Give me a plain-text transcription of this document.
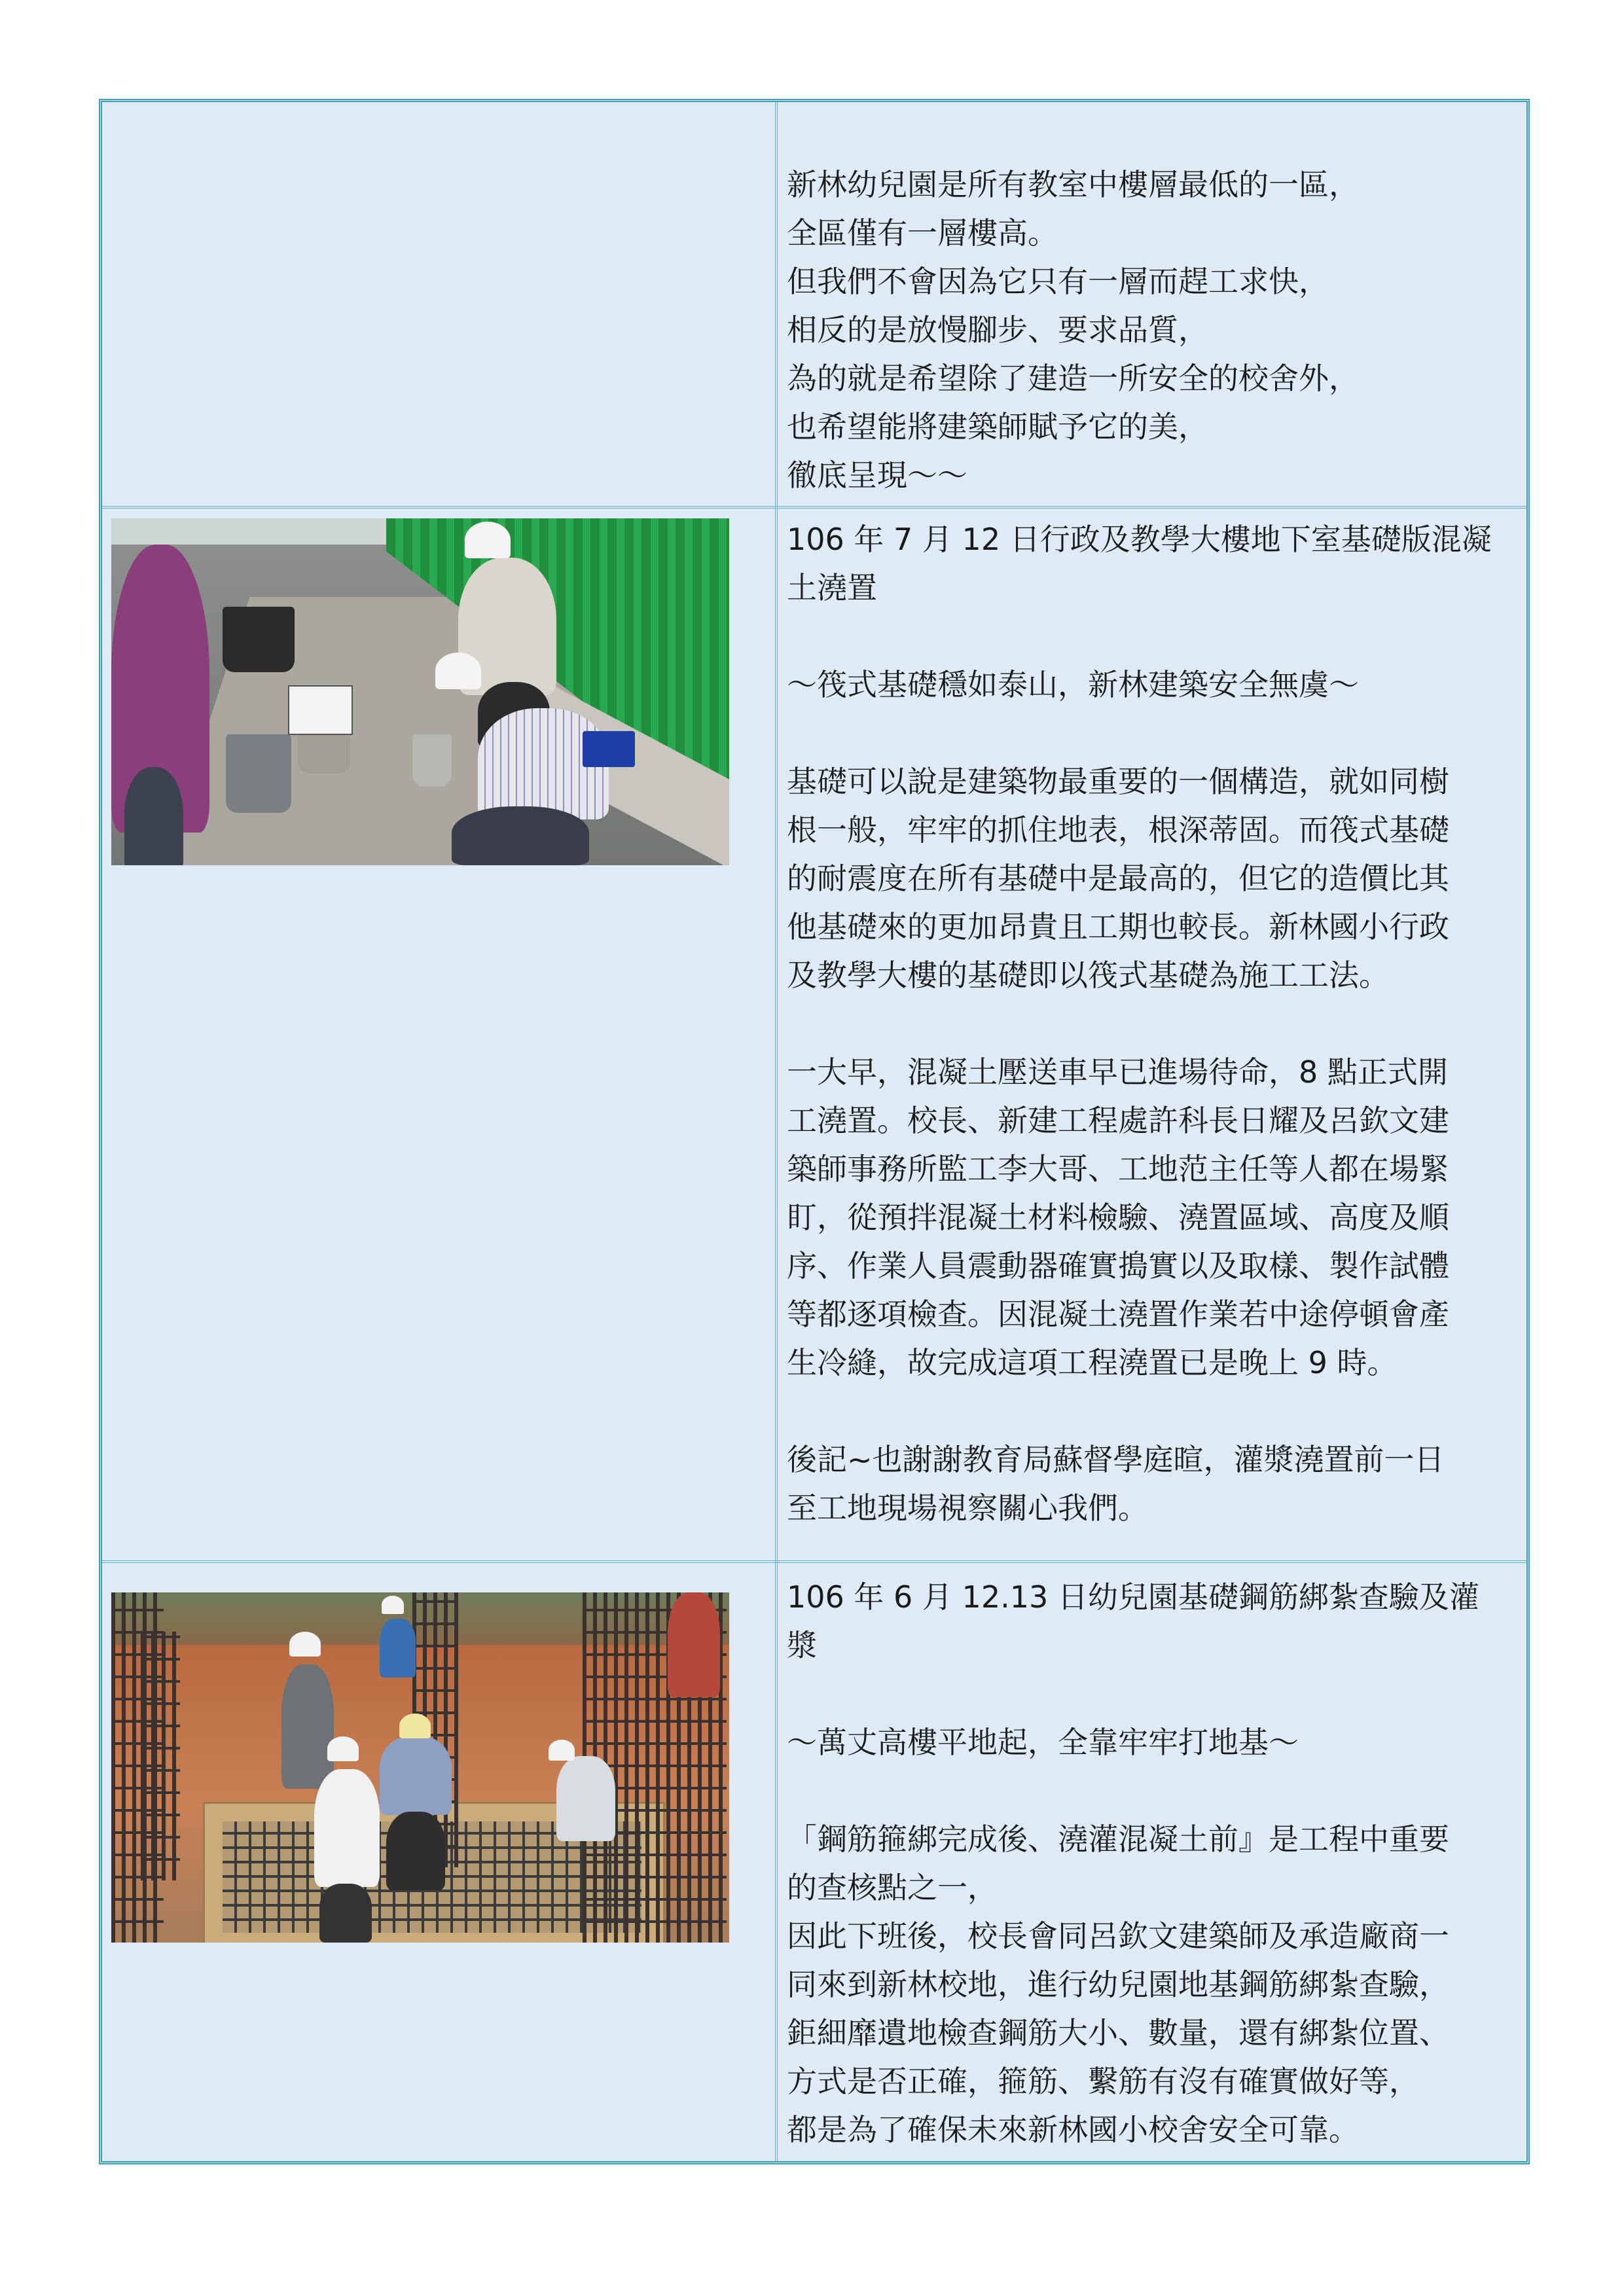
新林幼兒園是所有教室中樓層最低的一區，

全區僅有一層樓高。

但我們不會因為它只有一層而趕工求快，

相反的是放慢腳步、要求品質，

為的就是希望除了建造一所安全的校舍外，

也希望能將建築師賦予它的美，

徹底呈現～～

106 年 7 月 12 日行政及教學大樓地下室基礎版混凝

土澆置

～筏式基礎穩如泰山，新林建築安全無虞～

基礎可以說是建築物最重要的一個構造，就如同樹

根一般，牢牢的抓住地表，根深蒂固。而筏式基礎

的耐震度在所有基礎中是最高的，但它的造價比其

他基礎來的更加昂貴且工期也較長。新林國小行政

及教學大樓的基礎即以筏式基礎為施工工法。

一大早，混凝土壓送車早已進場待命，8 點正式開

工澆置。校長、新建工程處許科長日耀及呂欽文建

築師事務所監工李大哥、工地范主任等人都在場緊

盯，從預拌混凝土材料檢驗、澆置區域、高度及順

序、作業人員震動器確實搗實以及取樣、製作試體

等都逐項檢查。因混凝土澆置作業若中途停頓會產

生冷縫，故完成這項工程澆置已是晚上 9 時。

後記~也謝謝教育局蘇督學庭暄，灌漿澆置前一日

至工地現場視察關心我們。

106 年 6 月 12.13 日幼兒園基礎鋼筋綁紮查驗及灌

漿

～萬丈高樓平地起，全靠牢牢打地基～

「鋼筋箍綁完成後、澆灌混凝土前』是工程中重要

的查核點之一，

因此下班後，校長會同呂欽文建築師及承造廠商一

同來到新林校地，進行幼兒園地基鋼筋綁紮查驗，

鉅細靡遺地檢查鋼筋大小、數量，還有綁紮位置、

方式是否正確，箍筋、繫筋有沒有確實做好等，

都是為了確保未來新林國小校舍安全可靠。
